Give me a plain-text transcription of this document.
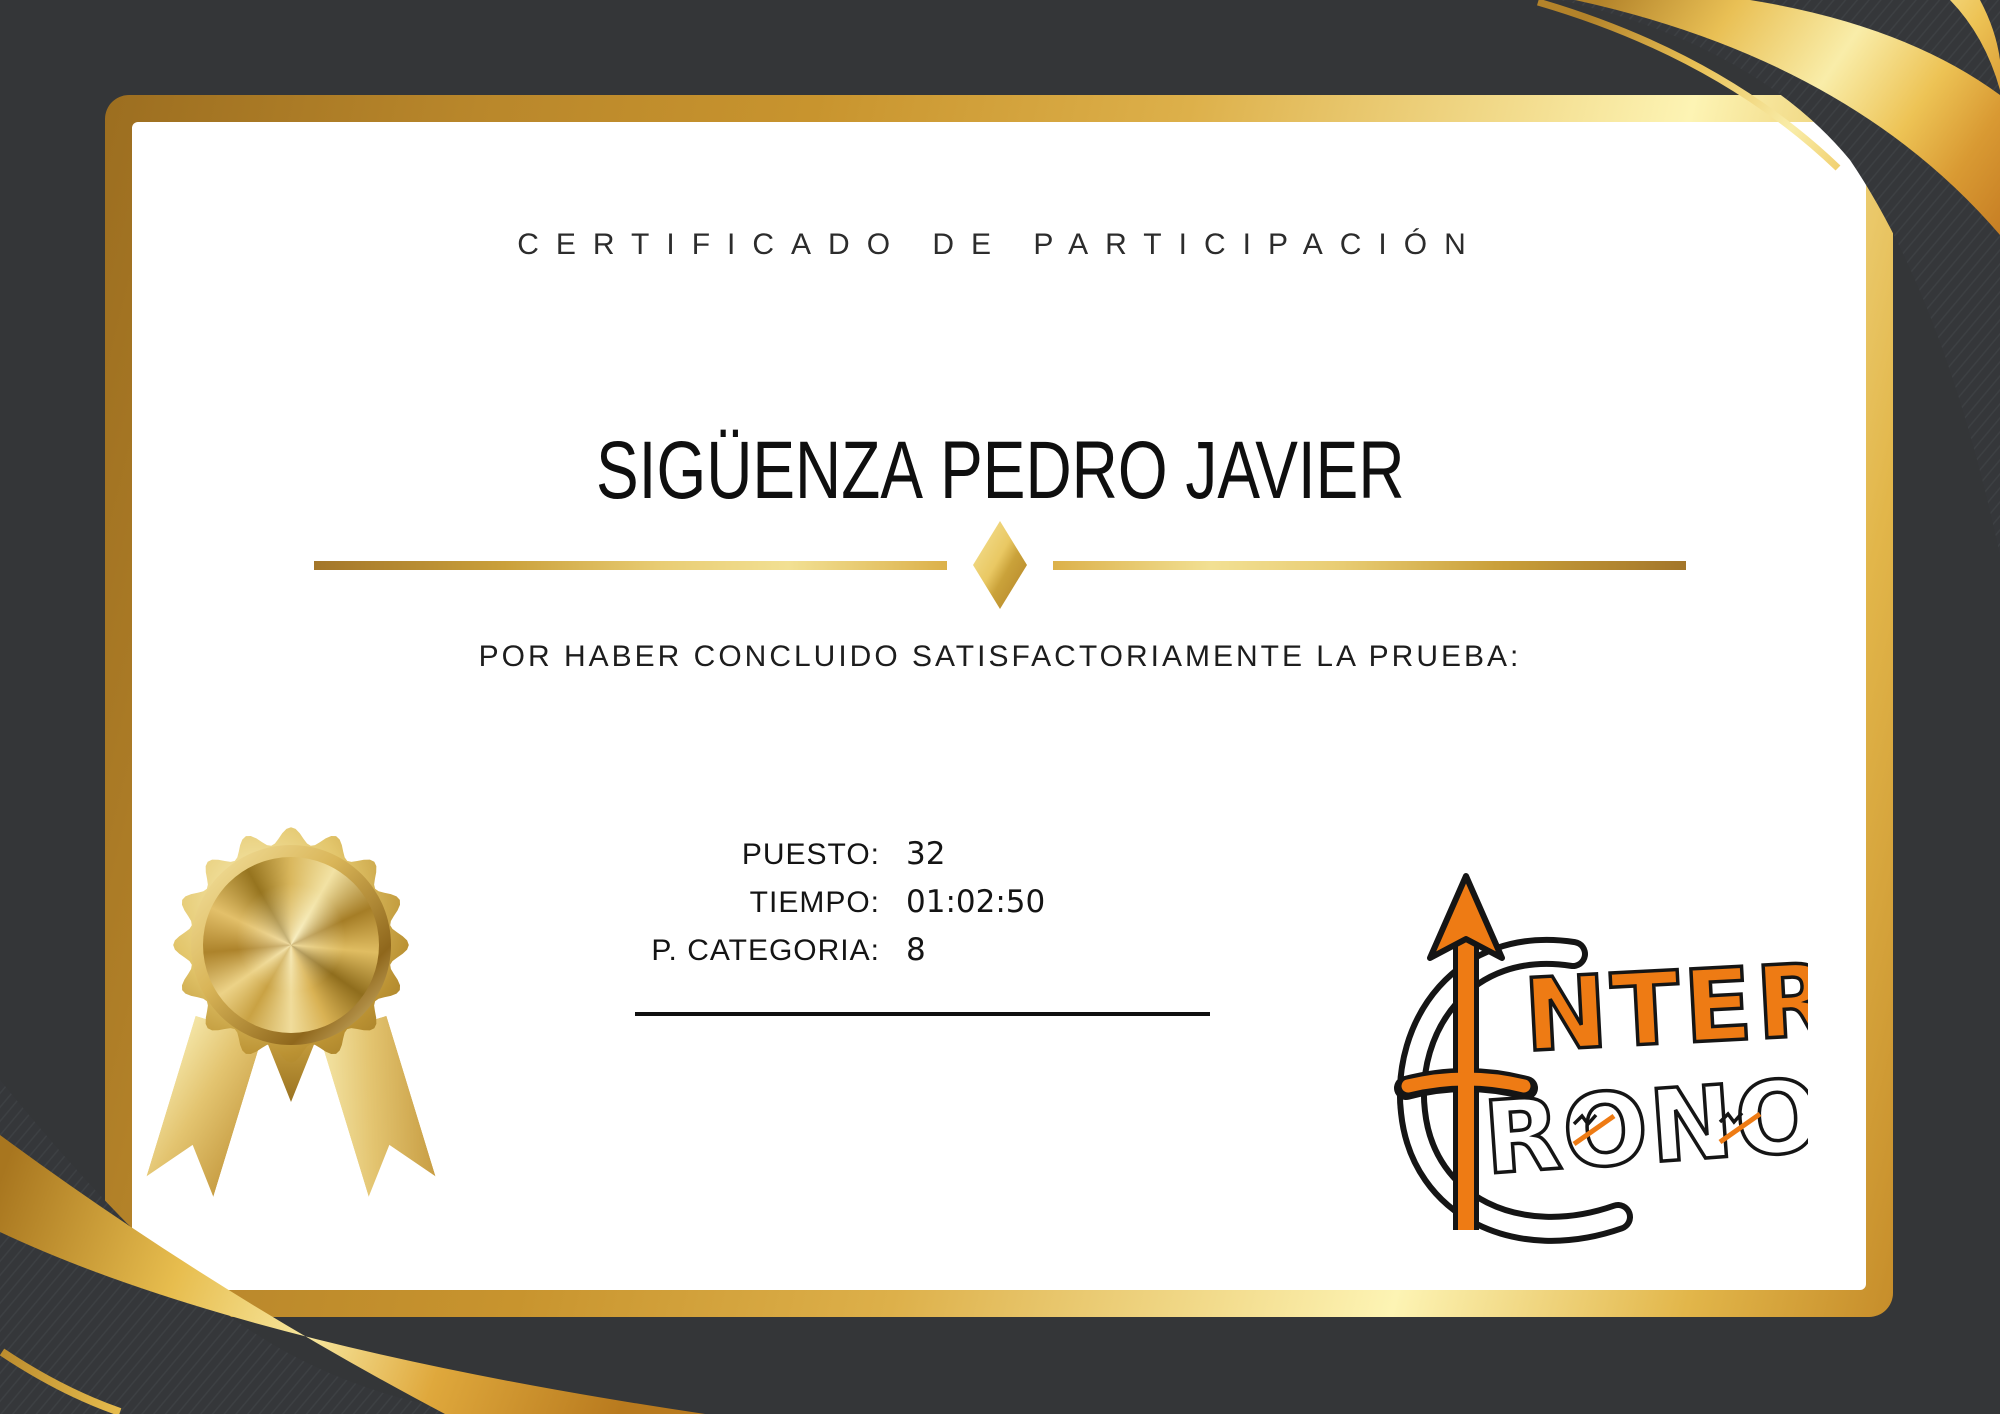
CERTIFICADO DE PARTICIPACIÓN
SIGÜENZA PEDRO JAVIER
POR HABER CONCLUIDO SATISFACTORIAMENTE LA PRUEBA:
PUESTO: 32
TIEMPO: 01:02:50
P. CATEGORIA: 8	NTER
RONO
